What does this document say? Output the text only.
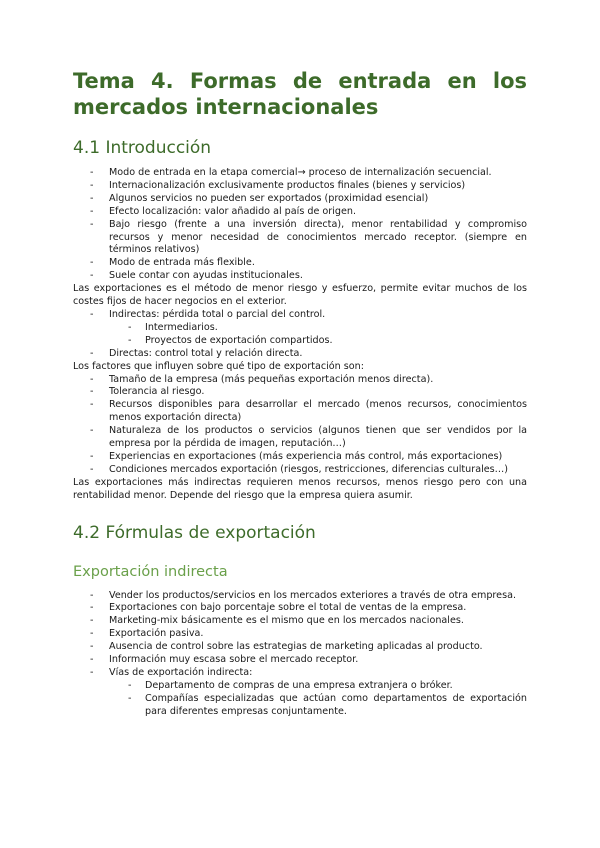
Tema 4. Formas de entrada en los mercados internacionales
4.1 Introducción
- Modo de entrada en la etapa comercial→ proceso de internalización secuencial.
- Internacionalización exclusivamente productos finales (bienes y servicios)
- Algunos servicios no pueden ser exportados (proximidad esencial)
- Efecto localización: valor añadido al país de origen.
- Bajo riesgo (frente a una inversión directa), menor rentabilidad y compromiso recursos y menor necesidad de conocimientos mercado receptor. (siempre en términos relativos)
- Modo de entrada más flexible.
- Suele contar con ayudas institucionales.

Las exportaciones es el método de menor riesgo y esfuerzo, permite evitar muchos de los costes fijos de hacer negocios en el exterior.

- Indirectas: pérdida total o parcial del control.
- Intermediarios.
- Proyectos de exportación compartidos.
- Directas: control total y relación directa.

Los factores que influyen sobre qué tipo de exportación son:

- Tamaño de la empresa (más pequeñas exportación menos directa).
- Tolerancia al riesgo.
- Recursos disponibles para desarrollar el mercado (menos recursos, conocimientos menos exportación directa)
- Naturaleza de los productos o servicios (algunos tienen que ser vendidos por la empresa por la pérdida de imagen, reputación…)
- Experiencias en exportaciones (más experiencia más control, más exportaciones)
- Condiciones mercados exportación (riesgos, restricciones, diferencias culturales…)

Las exportaciones más indirectas requieren menos recursos, menos riesgo pero con una rentabilidad menor. Depende del riesgo que la empresa quiera asumir.

4.2 Fórmulas de exportación
Exportación indirecta
- Vender los productos/servicios en los mercados exteriores a través de otra empresa.
- Exportaciones con bajo porcentaje sobre el total de ventas de la empresa.
- Marketing-mix básicamente es el mismo que en los mercados nacionales.
- Exportación pasiva.
- Ausencia de control sobre las estrategias de marketing aplicadas al producto.
- Información muy escasa sobre el mercado receptor.
- Vías de exportación indirecta:
- Departamento de compras de una empresa extranjera o bróker.
- Compañías especializadas que actúan como departamentos de exportación para diferentes empresas conjuntamente.
